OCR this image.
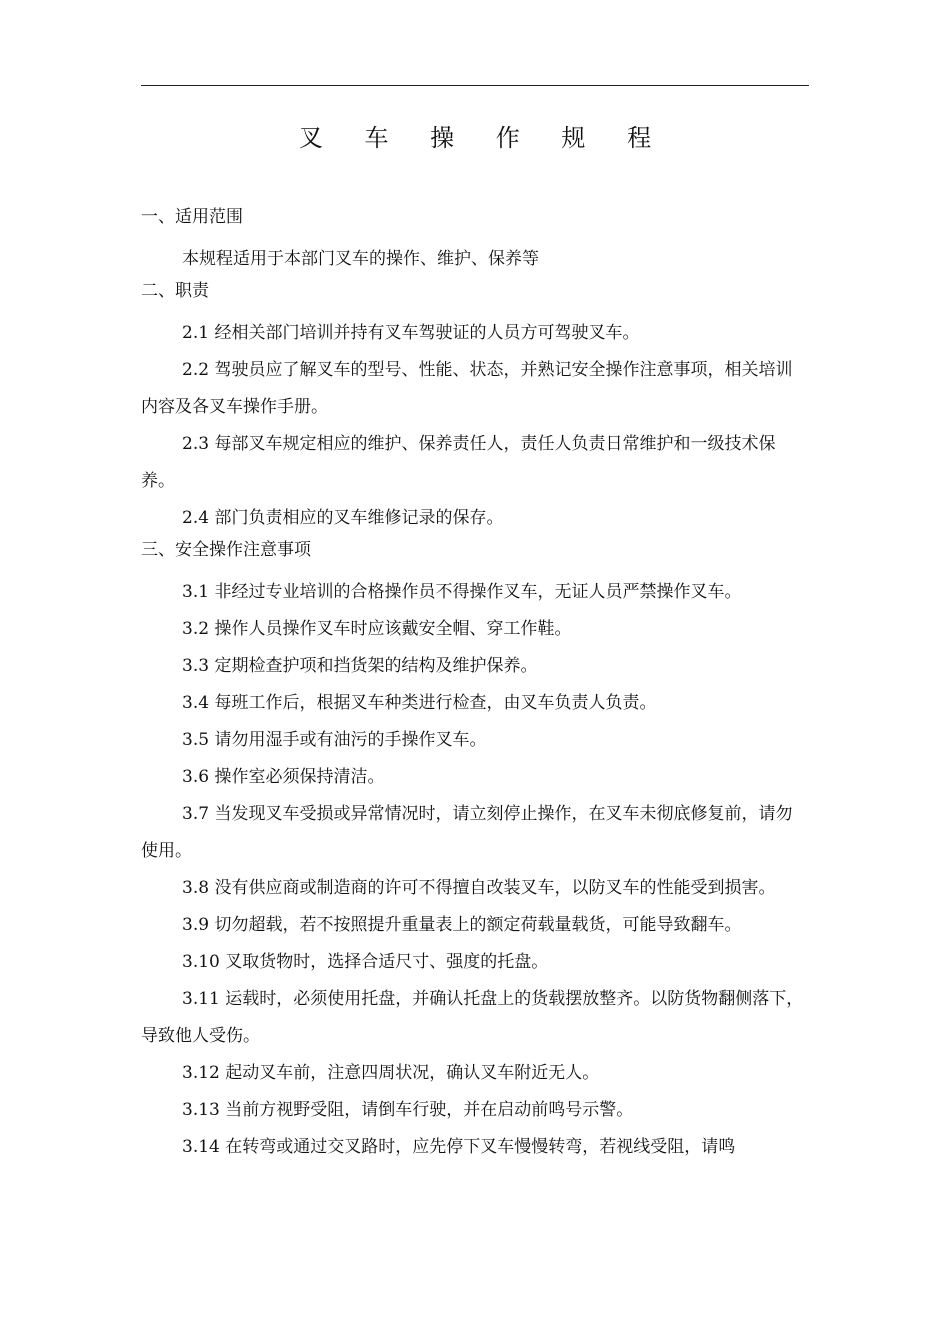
叉 车 操 作 规 程
一、适用范围
本规程适用于本部门叉车的操作、维护、保养等
二、职责
2.1 经相关部门培训并持有叉车驾驶证的人员方可驾驶叉车。
2.2 驾驶员应了解叉车的型号、性能、状态，并熟记安全操作注意事项，相关培训内容及各叉车操作手册。
2.3 每部叉车规定相应的维护、保养责任人，责任人负责日常维护和一级技术保养。
2.4 部门负责相应的叉车维修记录的保存。
三、安全操作注意事项
3.1 非经过专业培训的合格操作员不得操作叉车，无证人员严禁操作叉车。
3.2 操作人员操作叉车时应该戴安全帽、穿工作鞋。
3.3 定期检查护项和挡货架的结构及维护保养。
3.4 每班工作后，根据叉车种类进行检查，由叉车负责人负责。
3.5 请勿用湿手或有油污的手操作叉车。
3.6 操作室必须保持清洁。
3.7 当发现叉车受损或异常情况时，请立刻停止操作，在叉车未彻底修复前，请勿使用。
3.8 没有供应商或制造商的许可不得擅自改装叉车，以防叉车的性能受到损害。
3.9 切勿超载，若不按照提升重量表上的额定荷载量载货，可能导致翻车。
3.10 叉取货物时，选择合适尺寸、强度的托盘。
3.11 运载时，必须使用托盘，并确认托盘上的货载摆放整齐。以防货物翻侧落下，导致他人受伤。
3.12 起动叉车前，注意四周状况，确认叉车附近无人。
3.13 当前方视野受阻，请倒车行驶，并在启动前鸣号示警。
3.14 在转弯或通过交叉路时，应先停下叉车慢慢转弯，若视线受阻，请鸣
